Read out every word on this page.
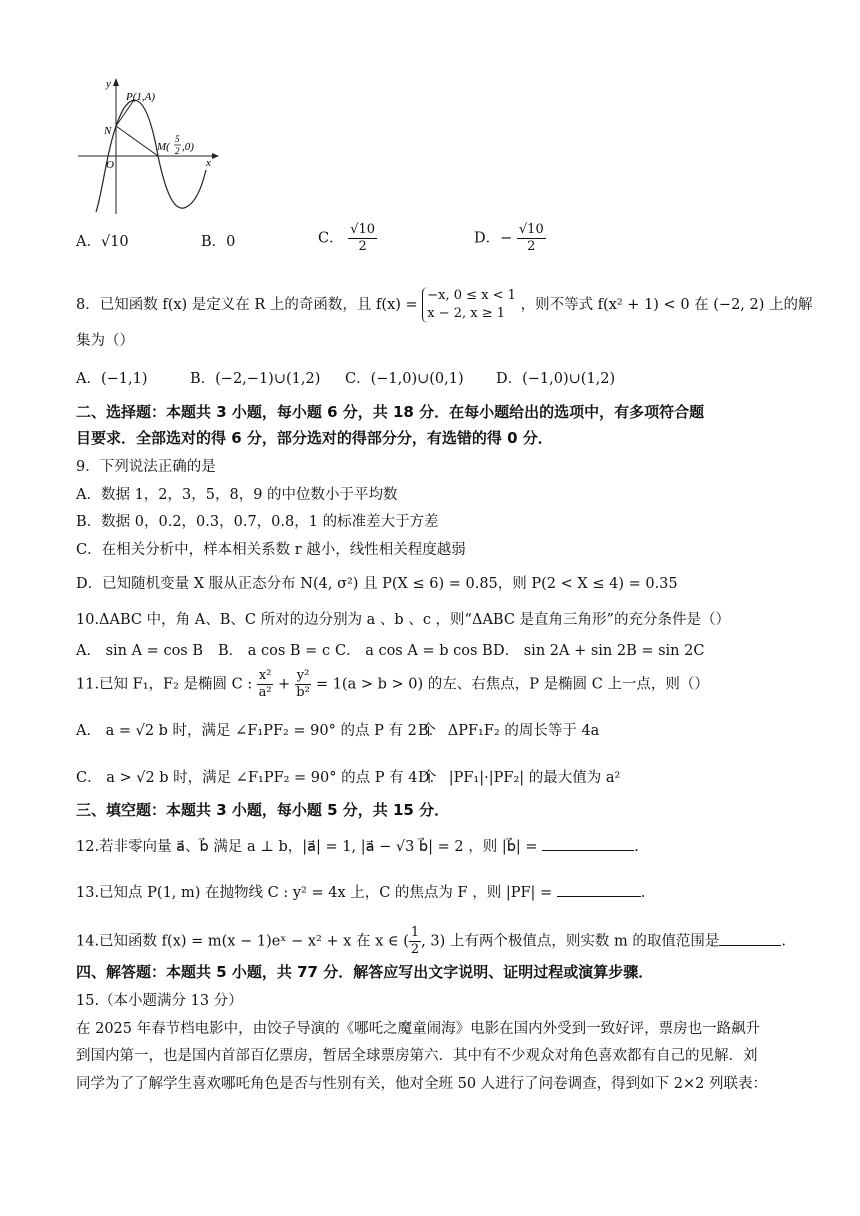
y
x
O
P(1,A)
N
M(
5
2 ,0)
A．√10	B．0	C． $\frac{√10}{2}$	D．− $\frac{√10}{2}$
8．已知函数 f(x) 是定义在 R 上的奇函数，且 f(x) =
−x, 0 ≤ x < 1
x − 2, x ≥ 1
，则不等式 f(x² + 1) < 0 在 (−2, 2) 上的解
集为（）
A．(−1,1)	B．(−2,−1)∪(1,2) C．(−1,0)∪(0,1) D．(−1,0)∪(1,2)
二、选择题：本题共 3 小题，每小题 6 分，共 18 分．在每小题给出的选项中，有多项符合题
目要求．全部选对的得 6 分，部分选对的得部分分，有选错的得 0 分．
9．下列说法正确的是
A．数据 1，2，3，5，8，9 的中位数小于平均数
B．数据 0，0.2，0.3，0.7，0.8，1 的标准差大于方差
C．在相关分析中，样本相关系数 r 越小，线性相关程度越弱
D．已知随机变量 X 服从正态分布 N(4, σ²) 且 P(X ≤ 6) = 0.85，则 P(2 < X ≤ 4) = 0.35
10.ΔABC 中，角 A、B、C 所对的边分别为 a 、b 、c ，则“ΔABC 是直角三角形”的充分条件是（）
A． sin A = cos B B． a cos B = c C． a cos A = b cos B D． sin 2A + sin 2B = sin 2C
11.已知 F₁，F₂ 是椭圆 C : $\frac{\text{x²}}{\text{a²}} + \frac{\text{y²}}{\text{b²}} = 1(a > b > 0)$ 的左、右焦点，P 是椭圆 C 上一点，则（）
A． a = √2 b 时，满足 ∠F₁PF₂ = 90° 的点 P 有 2 个
B． ΔPF₁F₂ 的周长等于 4a
C． a > √2 b 时，满足 ∠F₁PF₂ = 90° 的点 P 有 4 个
D． |PF₁|·|PF₂| 的最大值为 a²
三、填空题：本题共 3 小题，每小题 5 分，共 15 分．
12.若非零向量 a⃗、b⃗ 满足 a ⊥ b，|a⃗| = 1, |a⃗ − √3 b⃗| = 2 ，则 |b⃗| =	.
13.已知点 P(1, m) 在抛物线 C : y² = 4x 上，C 的焦点为 F ，则 |PF| =	.
14.已知函数 f(x) = m(x − 1)eˣ − x² + x 在 x ∈ ( $\frac{1}{2}$ , 3) 上有两个极值点，则实数 m 的取值范围是	.
四、解答题：本题共 5 小题，共 77 分．解答应写出文字说明、证明过程或演算步骤．
15.（本小题满分 13 分）
在 2025 年春节档电影中，由饺子导演的《哪吒之魔童闹海》电影在国内外受到一致好评，票房也一路飙升
到国内第一，也是国内首部百亿票房，暂居全球票房第六．其中有不少观众对角色喜欢都有自己的见解．刘
同学为了了解学生喜欢哪吒角色是否与性别有关，他对全班 50 人进行了问卷调查，得到如下 2×2 列联表：
